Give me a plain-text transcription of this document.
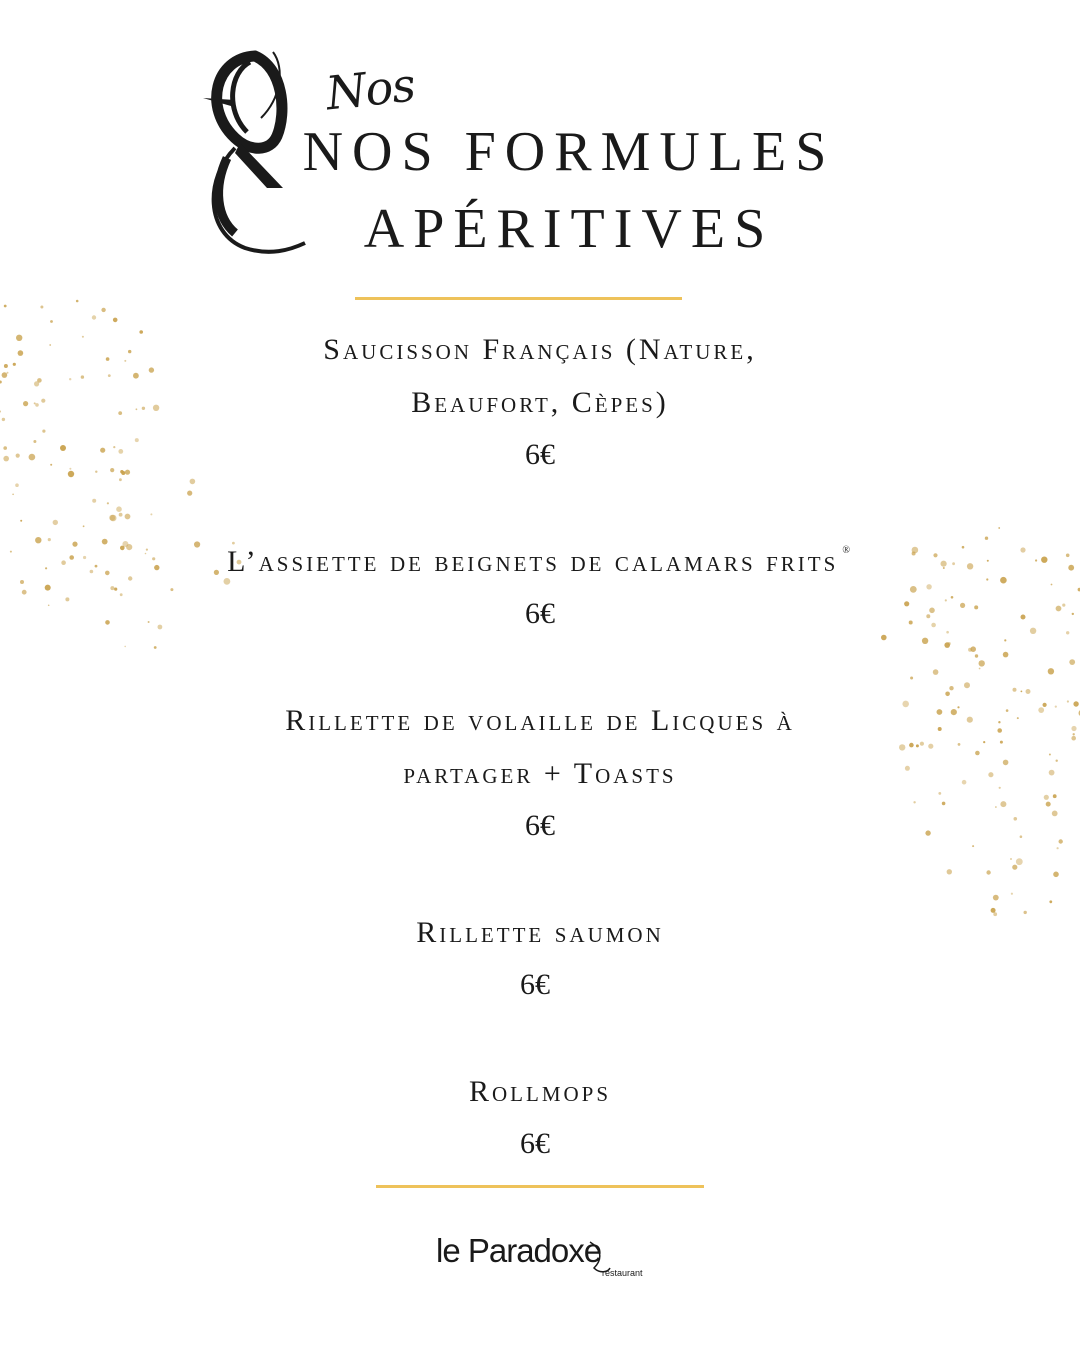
Nos
NOS FORMULES
APÉRITIVES
Saucisson Français (Nature,
Beaufort, Cèpes)
6€
L’assiette de beignets de calamars frits ®
6€
Rillette de volaille de Licques à
partager + Toasts
6€
Rillette saumon
6€
Rollmops
6€
le Paradoxe
restaurant
